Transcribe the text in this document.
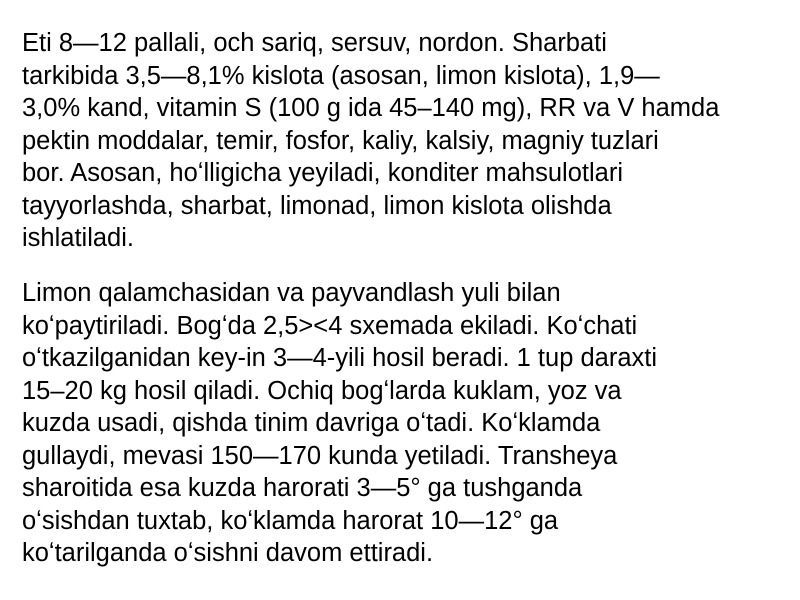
Eti 8—12 pallali, och sariq, sersuv, nordon. Sharbati
tarkibida 3,5—8,1% kislota (asosan, limon kislota), 1,9—
3,0% kand, vitamin S (100 g ida 45–140 mg), RR va V hamda
pektin moddalar, temir, fosfor, kaliy, kalsiy, magniy tuzlari
bor. Asosan, hoʻlligicha yeyiladi, konditer mahsulotlari
tayyorlashda, sharbat, limonad, limon kislota olishda
ishlatiladi.

Limon qalamchasidan va payvandlash yuli bilan
koʻpaytiriladi. Bogʻda 2,5><4 sxemada ekiladi. Koʻchati
oʻtkazilganidan key-in 3—4-yili hosil beradi. 1 tup daraxti
15–20 kg hosil qiladi. Ochiq bogʻlarda kuklam, yoz va
kuzda usadi, qishda tinim davriga oʻtadi. Koʻklamda
gullaydi, mevasi 150—170 kunda yetiladi. Transheya
sharoitida esa kuzda harorati 3—5° ga tushganda
oʻsishdan tuxtab, koʻklamda harorat 10—12° ga
koʻtarilganda oʻsishni davom ettiradi.
